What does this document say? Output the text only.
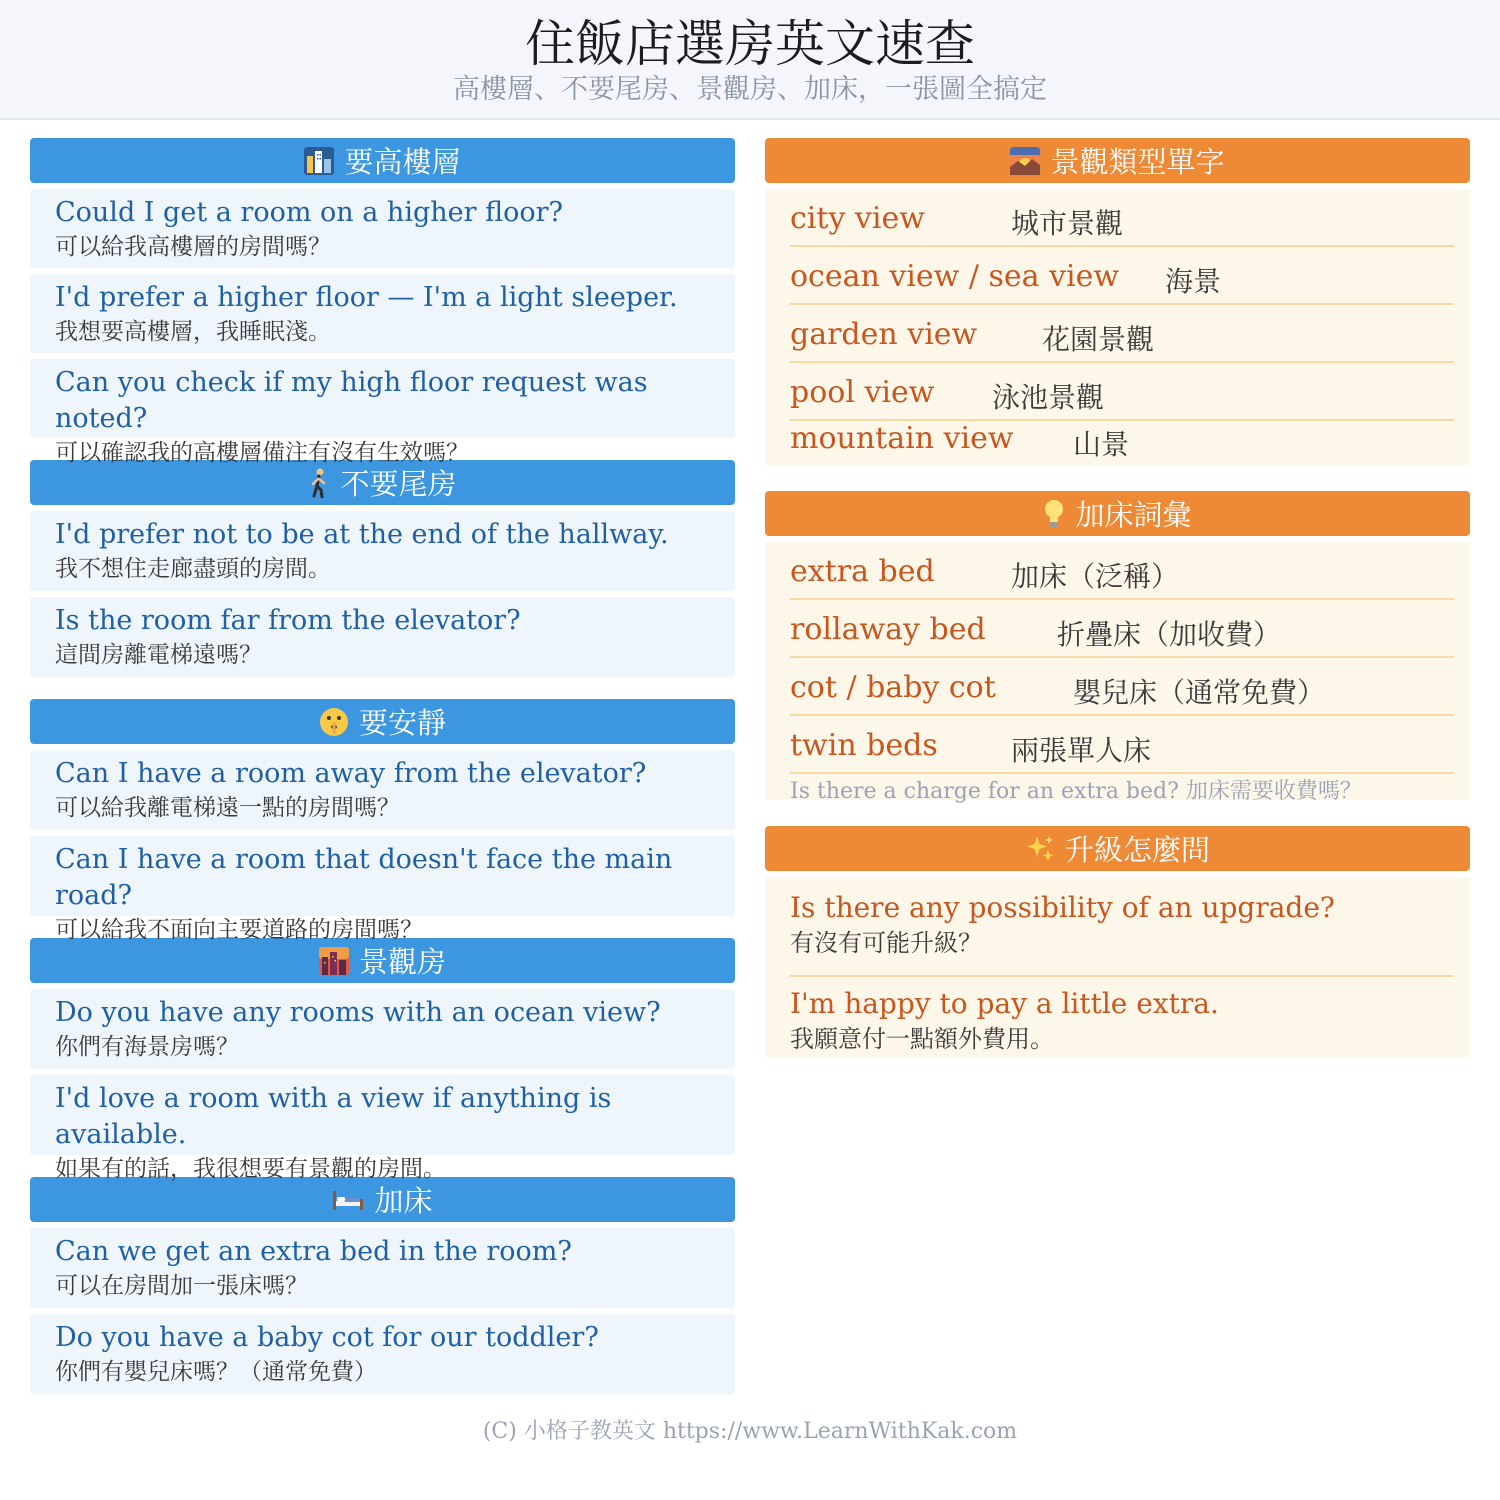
住飯店選房英文速查
高樓層、不要尾房、景觀房、加床，一張圖全搞定
要高樓層
Could I get a room on a higher floor?
可以給我高樓層的房間嗎？
I'd prefer a higher floor — I'm a light sleeper.
我想要高樓層，我睡眠淺。
Can you check if my high floor request was noted?
可以確認我的高樓層備注有沒有生效嗎？
不要尾房
I'd prefer not to be at the end of the hallway.
我不想住走廊盡頭的房間。
Is the room far from the elevator?
這間房離電梯遠嗎？
要安靜
Can I have a room away from the elevator?
可以給我離電梯遠一點的房間嗎？
Can I have a room that doesn't face the main road?
可以給我不面向主要道路的房間嗎？
景觀房
Do you have any rooms with an ocean view?
你們有海景房嗎？
I'd love a room with a view if anything is available.
如果有的話，我很想要有景觀的房間。
加床
Can we get an extra bed in the room?
可以在房間加一張床嗎？
Do you have a baby cot for our toddler?
你們有嬰兒床嗎？（通常免費）
景觀類型單字
city view	城市景觀
ocean view / sea view 海景
garden view 花園景觀
pool view 泳池景觀
mountain view 山景
加床詞彙
extra bed	加床（泛稱）
rollaway bed	折疊床（加收費）
cot / baby cot	嬰兒床（通常免費）
twin beds	兩張單人床
Is there a charge for an extra bed? 加床需要收費嗎？
升級怎麼問
Is there any possibility of an upgrade?
有沒有可能升級？
I'm happy to pay a little extra.
我願意付一點額外費用。
(C) 小格子教英文 https://www.LearnWithKak.com
